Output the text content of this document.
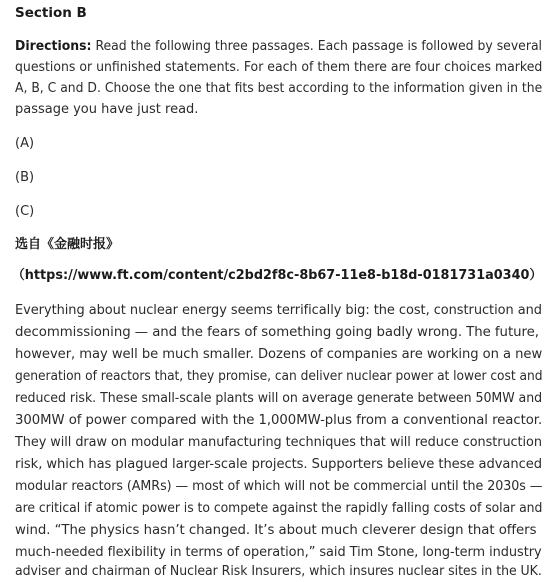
Section B
Directions: Read the following three passages. Each passage is followed by several
questions or unfinished statements. For each of them there are four choices marked
A, B, C and D. Choose the one that fits best according to the information given in the
passage you have just read.
(A)
(B)
(C)
选自《金融时报》
（https://www.ft.com/content/c2bd2f8c-8b67-11e8-b18d-0181731a0340）
Everything about nuclear energy seems terrifically big: the cost, construction and
decommissioning — and the fears of something going badly wrong. The future,
however, may well be much smaller. Dozens of companies are working on a new
generation of reactors that, they promise, can deliver nuclear power at lower cost and
reduced risk. These small-scale plants will on average generate between 50MW and
300MW of power compared with the 1,000MW-plus from a conventional reactor.
They will draw on modular manufacturing techniques that will reduce construction
risk, which has plagued larger-scale projects. Supporters believe these advanced
modular reactors (AMRs) — most of which will not be commercial until the 2030s —
are critical if atomic power is to compete against the rapidly falling costs of solar and
wind. “The physics hasn’t changed. It’s about much cleverer design that offers
much-needed flexibility in terms of operation,” said Tim Stone, long-term industry
adviser and chairman of Nuclear Risk Insurers, which insures nuclear sites in the UK.
